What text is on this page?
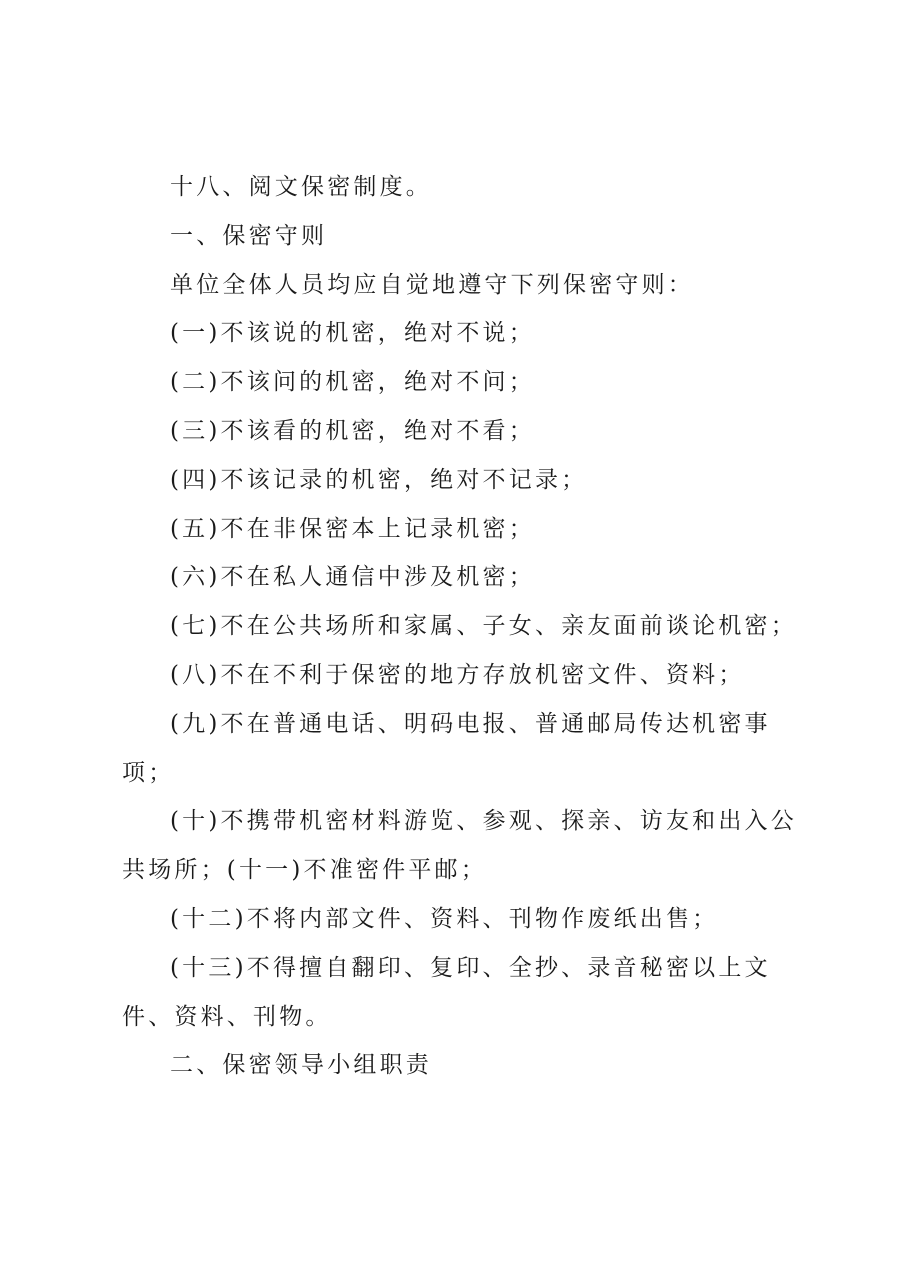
十八、阅文保密制度。

一、保密守则

单位全体人员均应自觉地遵守下列保密守则：

(一)不该说的机密，绝对不说；

(二)不该问的机密，绝对不问；

(三)不该看的机密，绝对不看；

(四)不该记录的机密，绝对不记录；

(五)不在非保密本上记录机密；

(六)不在私人通信中涉及机密；

(七)不在公共场所和家属、子女、亲友面前谈论机密；

(八)不在不利于保密的地方存放机密文件、资料；

(九)不在普通电话、明码电报、普通邮局传达机密事项；

(十)不携带机密材料游览、参观、探亲、访友和出入公共场所；(十一)不准密件平邮；

(十二)不将内部文件、资料、刊物作废纸出售；

(十三)不得擅自翻印、复印、全抄、录音秘密以上文件、资料、刊物。

二、保密领导小组职责
